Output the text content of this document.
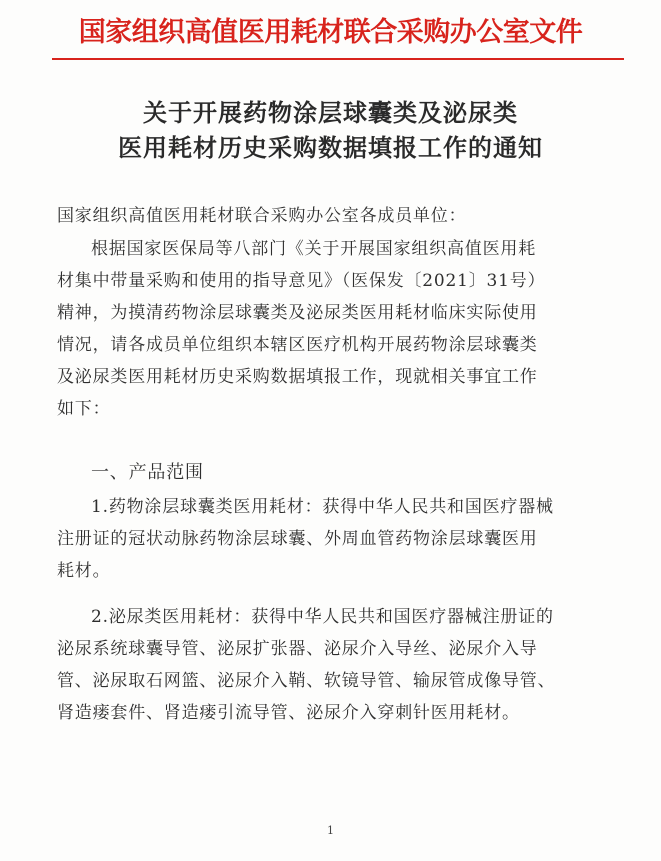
国家组织高值医用耗材联合采购办公室文件
关于开展药物涂层球囊类及泌尿类
医用耗材历史采购数据填报工作的通知
国家组织高值医用耗材联合采购办公室各成员单位：
根据国家医保局等八部门《关于开展国家组织高值医用耗
材集中带量采购和使用的指导意见》（医保发〔2021〕31号）
精神，为摸清药物涂层球囊类及泌尿类医用耗材临床实际使用
情况，请各成员单位组织本辖区医疗机构开展药物涂层球囊类
及泌尿类医用耗材历史采购数据填报工作，现就相关事宜工作
如下：
一、产品范围
1.药物涂层球囊类医用耗材：获得中华人民共和国医疗器械
注册证的冠状动脉药物涂层球囊、外周血管药物涂层球囊医用
耗材。
2.泌尿类医用耗材：获得中华人民共和国医疗器械注册证的
泌尿系统球囊导管、泌尿扩张器、泌尿介入导丝、泌尿介入导
管、泌尿取石网篮、泌尿介入鞘、软镜导管、输尿管成像导管、
肾造瘘套件、肾造瘘引流导管、泌尿介入穿刺针医用耗材。
1
